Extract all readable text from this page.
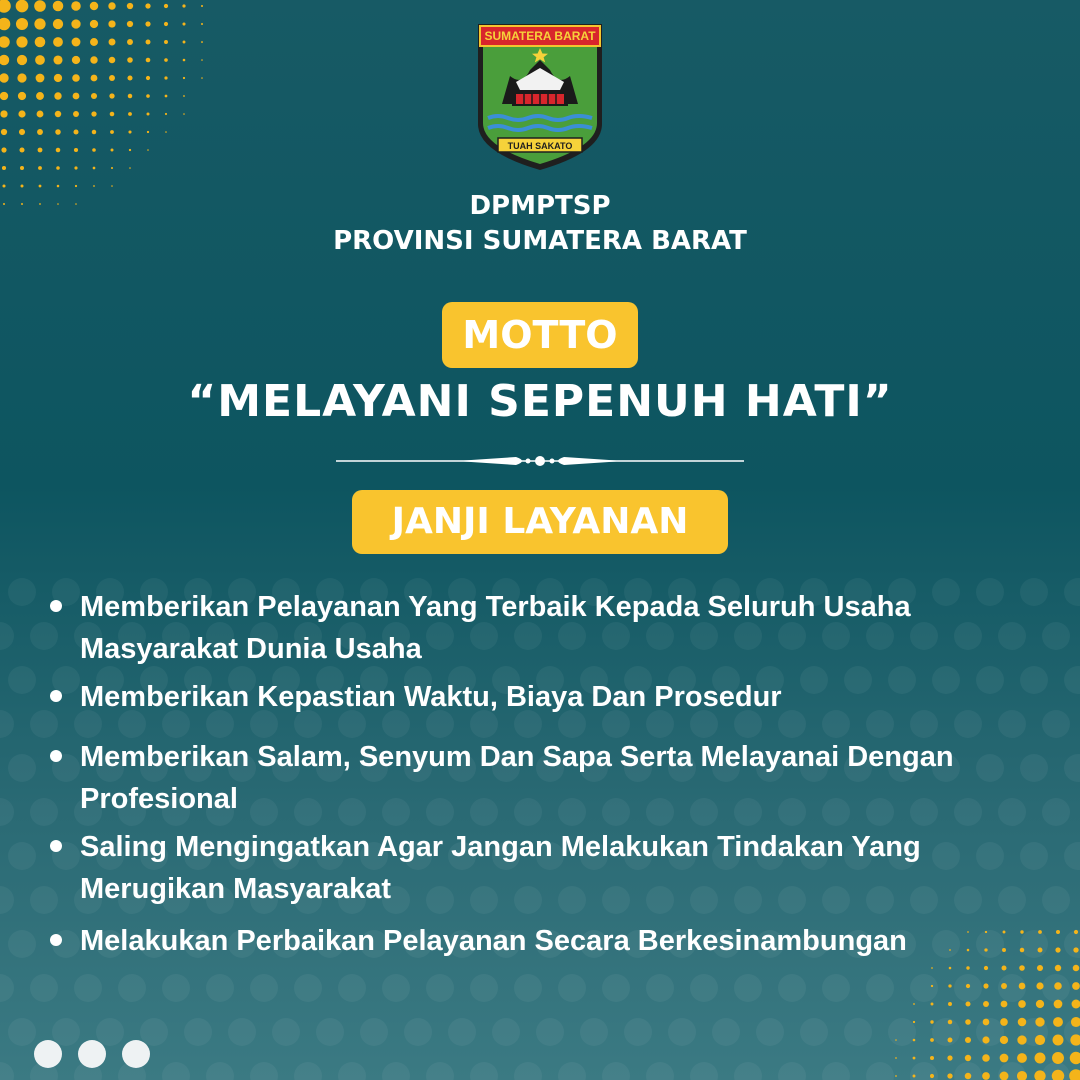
SUMATERA BARAT
TUAH SAKATO
DPMPTSP
PROVINSI SUMATERA BARAT
MOTTO
“MELAYANI SEPENUH HATI”
JANJI LAYANAN
Memberikan Pelayanan Yang Terbaik Kepada Seluruh Usaha
Masyarakat Dunia Usaha
Memberikan Kepastian Waktu, Biaya Dan Prosedur
Memberikan Salam, Senyum Dan Sapa Serta Melayanai Dengan
Profesional
Saling Mengingatkan Agar Jangan Melakukan Tindakan Yang
Merugikan Masyarakat
Melakukan Perbaikan Pelayanan Secara Berkesinambungan
